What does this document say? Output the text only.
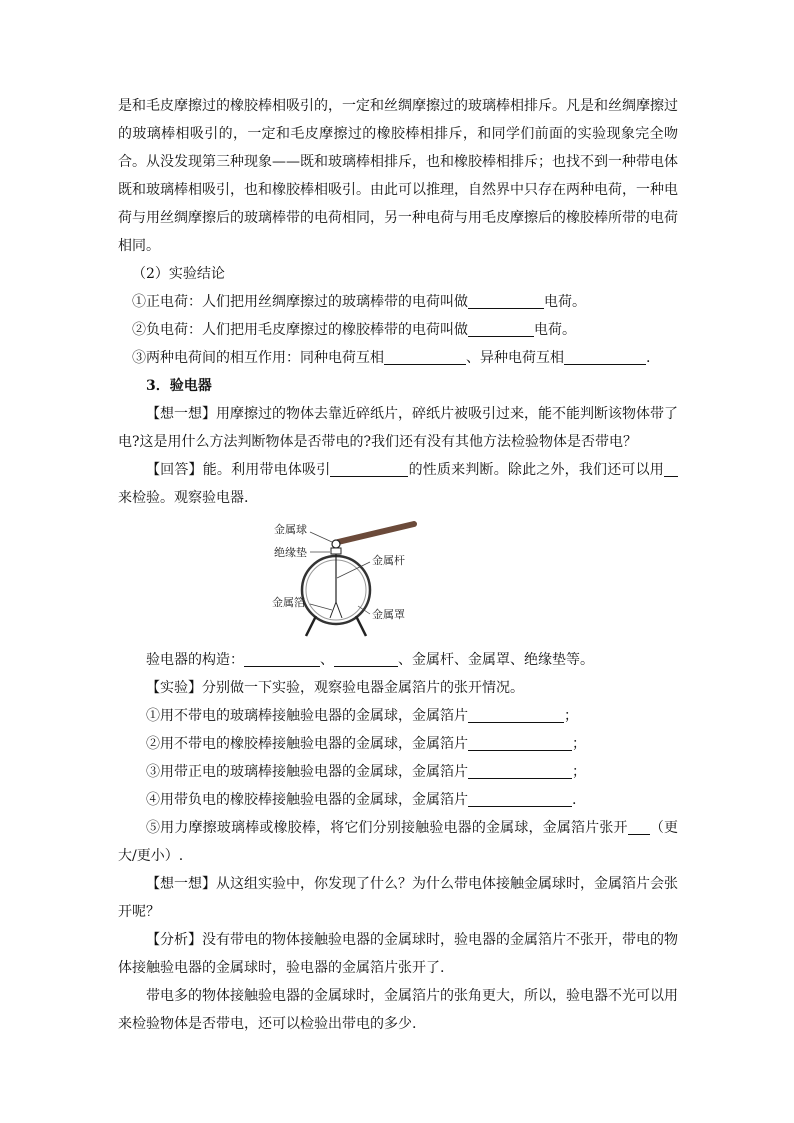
是和毛皮摩擦过的橡胶棒相吸引的，一定和丝绸摩擦过的玻璃棒相排斥。凡是和丝绸摩擦过的玻璃棒相吸引的，一定和毛皮摩擦过的橡胶棒相排斥，和同学们前面的实验现象完全吻合。从没发现第三种现象——既和玻璃棒相排斥，也和橡胶棒相排斥；也找不到一种带电体既和玻璃棒相吸引，也和橡胶棒相吸引。由此可以推理，自然界中只存在两种电荷，一种电荷与用丝绸摩擦后的玻璃棒带的电荷相同，另一种电荷与用毛皮摩擦后的橡胶棒所带的电荷相同。

（2）实验结论

①正电荷：人们把用丝绸摩擦过的玻璃棒带的电荷叫做	电荷。

②负电荷：人们把用毛皮摩擦过的橡胶棒带的电荷叫做	电荷。

③两种电荷间的相互作用：同种电荷互相	、异种电荷互相	.

3．验电器

【想一想】用摩擦过的物体去靠近碎纸片，碎纸片被吸引过来，能不能判断该物体带了电?这是用什么方法判断物体是否带电的?我们还有没有其他方法检验物体是否带电？

【回答】能。利用带电体吸引	的性质来判断。除此之外，我们还可以用来检验。观察验电器.

金属球
绝缘垫
金属杆
金属箔
金属罩

验电器的构造：	、	、金属杆、金属罩、绝缘垫等。

【实验】分别做一下实验，观察验电器金属箔片的张开情况。

①用不带电的玻璃棒接触验电器的金属球，金属箔片	；

②用不带电的橡胶棒接触验电器的金属球，金属箔片	；

③用带正电的玻璃棒接触验电器的金属球，金属箔片	；

④用带负电的橡胶棒接触验电器的金属球，金属箔片	.

⑤用力摩擦玻璃棒或橡胶棒，将它们分别接触验电器的金属球，金属箔片张开 （更大/更小）.

【想一想】从这组实验中，你发现了什么？为什么带电体接触金属球时，金属箔片会张开呢？

【分析】没有带电的物体接触验电器的金属球时，验电器的金属箔片不张开，带电的物体接触验电器的金属球时，验电器的金属箔片张开了.

带电多的物体接触验电器的金属球时，金属箔片的张角更大，所以，验电器不光可以用来检验物体是否带电，还可以检验出带电的多少.
